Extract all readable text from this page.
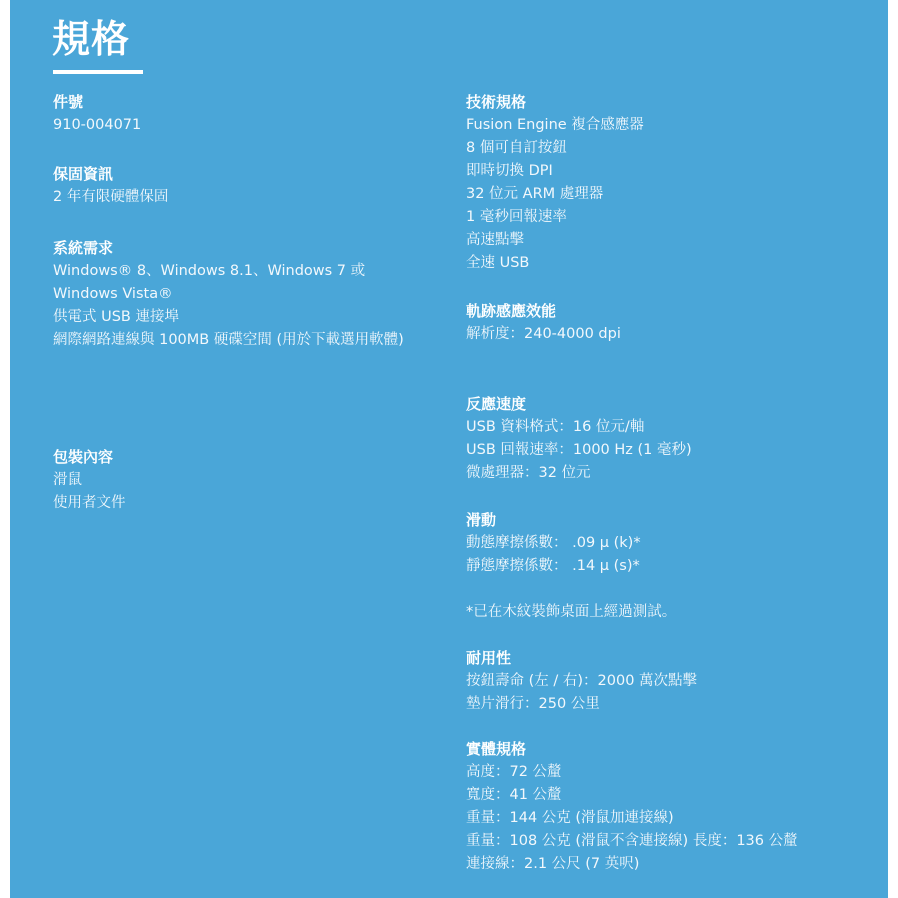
規格
件號
910-004071
保固資訊
2 年有限硬體保固
系統需求
Windows® 8、Windows 8.1、Windows 7 或 Windows Vista®
供電式 USB 連接埠
網際網路連線與 100MB 硬碟空間 (用於下載選用軟體)
包裝內容
滑鼠
使用者文件
技術規格
Fusion Engine 複合感應器
8 個可自訂按鈕
即時切換 DPI
32 位元 ARM 處理器
1 毫秒回報速率
高速點擊
全速 USB
軌跡感應效能
解析度：240-4000 dpi
反應速度
USB 資料格式：16 位元/軸
USB 回報速率：1000 Hz (1 毫秒)
微處理器：32 位元
滑動
動態摩擦係數： .09 μ (k)*
靜態摩擦係數： .14 μ (s)*
*已在木紋裝飾桌面上經過測試。
耐用性
按鈕壽命 (左 / 右)：2000 萬次點擊
墊片滑行：250 公里
實體規格
高度：72 公釐
寬度：41 公釐
重量：144 公克 (滑鼠加連接線)
重量：108 公克 (滑鼠不含連接線) 長度：136 公釐
連接線：2.1 公尺 (7 英呎)
